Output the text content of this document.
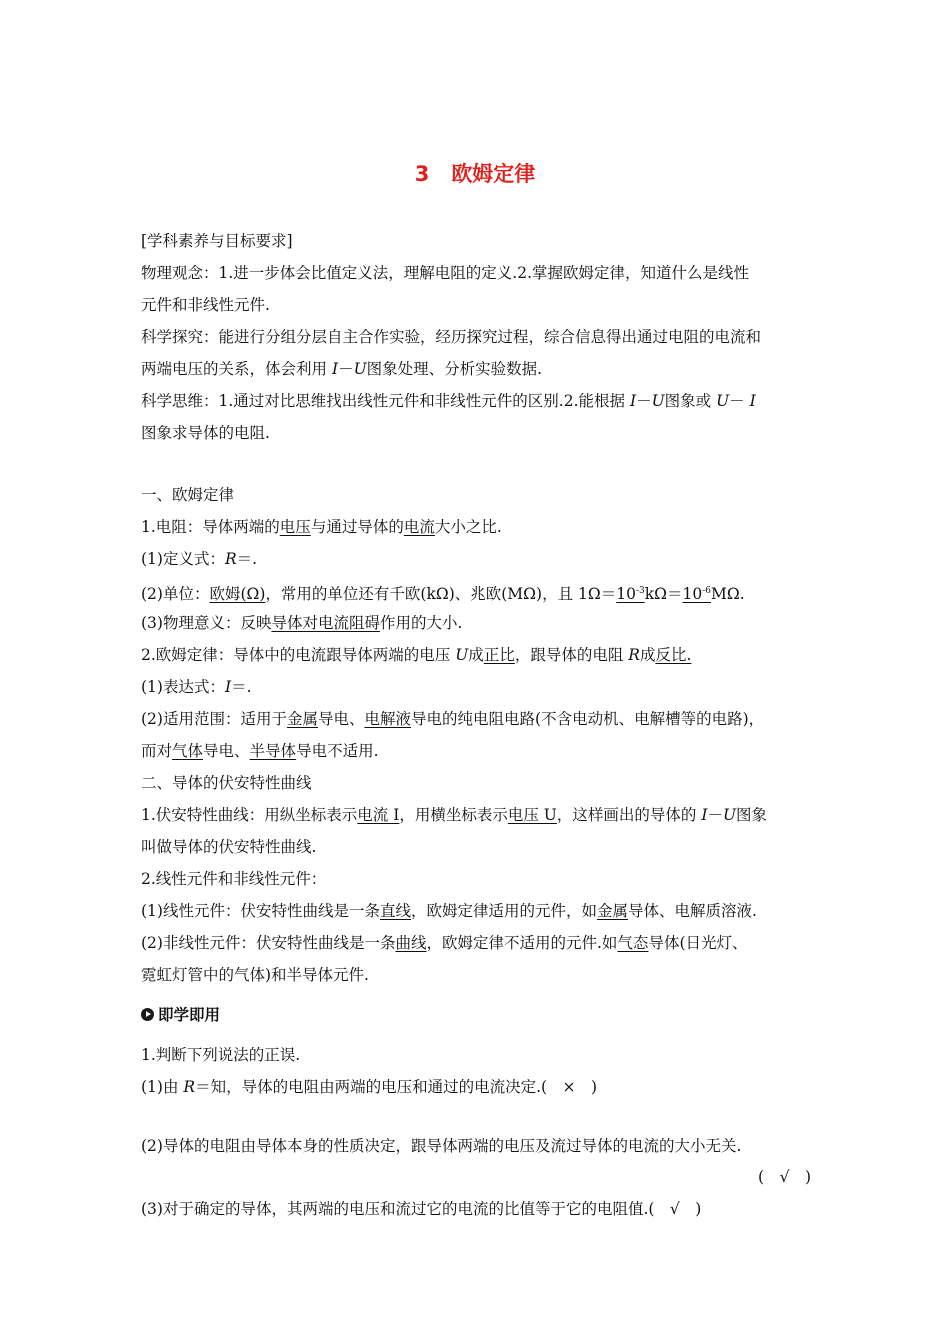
3 欧姆定律
[学科素养与目标要求]
物理观念：1.进一步体会比值定义法，理解电阻的定义.2.掌握欧姆定律，知道什么是线性
元件和非线性元件.
科学探究：能进行分组分层自主合作实验，经历探究过程，综合信息得出通过电阻的电流和
两端电压的关系，体会利用 I－U图象处理、分析实验数据.
科学思维：1.通过对比思维找出线性元件和非线性元件的区别.2.能根据 I－U图象或 U－ I
图象求导体的电阻.
一、欧姆定律
1.电阻：导体两端的电压与通过导体的电流大小之比.
(1)定义式：R＝.
(2)单位：欧姆(Ω)，常用的单位还有千欧(kΩ)、兆欧(MΩ)，且 $1\Omega=10^{-3}k\Omega=10^{-6}M\Omega$.
(3)物理意义：反映导体对电流阻碍作用的大小.
2.欧姆定律：导体中的电流跟导体两端的电压 U成正比，跟导体的电阻 R成反比.
(1)表达式：I＝.
(2)适用范围：适用于金属导电、电解液导电的纯电阻电路(不含电动机、电解槽等的电路)，
而对气体导电、半导体导电不适用.
二、导体的伏安特性曲线
1.伏安特性曲线：用纵坐标表示电流 I，用横坐标表示电压 U，这样画出的导体的 I－U图象
叫做导体的伏安特性曲线.
2.线性元件和非线性元件：
(1)线性元件：伏安特性曲线是一条直线，欧姆定律适用的元件，如金属导体、电解质溶液.
(2)非线性元件：伏安特性曲线是一条曲线，欧姆定律不适用的元件.如气态导体(日光灯、
霓虹灯管中的气体)和半导体元件.
即学即用
1.判断下列说法的正误.
(1)由 R＝知，导体的电阻由两端的电压和通过的电流决定.(　×　)
(2)导体的电阻由导体本身的性质决定，跟导体两端的电压及流过导体的电流的大小无关.
(　√　)
(3)对于确定的导体，其两端的电压和流过它的电流的比值等于它的电阻值.(　√　)
